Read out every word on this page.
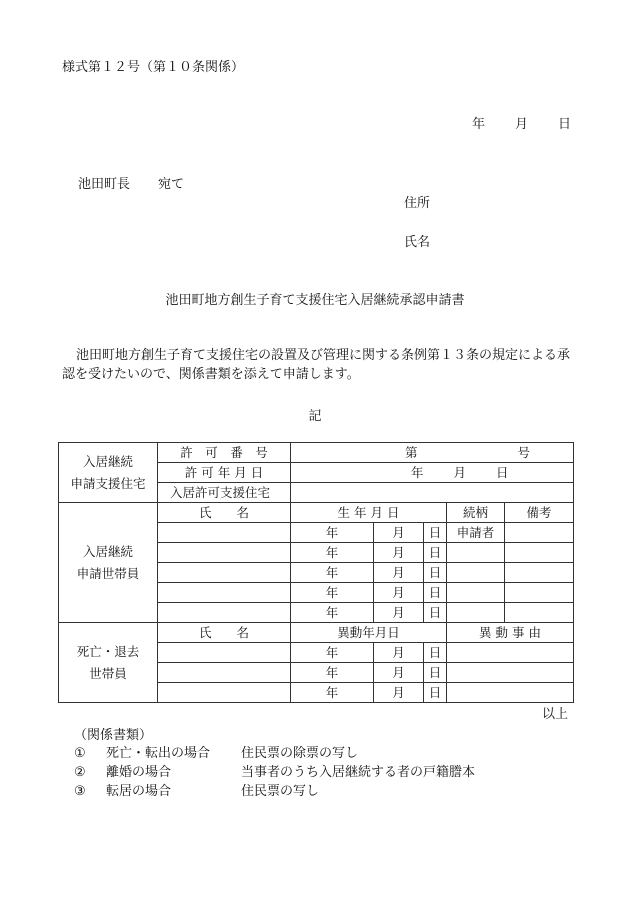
様式第１２号（第１０条関係）
年 月 日
池田町長 宛て
住所
氏名
池田町地方創生子育て支援住宅入居継続承認申請書
池田町地方創生子育て支援住宅の設置及び管理に関する条例第１３条の規定による承認を受けたいので、関係書類を添えて申請します。
記
入居継続
申請支援住宅	許　可　番　号	第 号				
	許 可 年 月 日	年 月 日				
	入居許可支援住宅					

入居継続
申請世帯員	氏　　名	生 年 月 日			続柄	備考
		年	月	日	申請者	
		年	月	日		
		年	月	日		
		年	月	日		
		年	月	日		

死亡・退去
世帯員	氏　　名	異動年月日			異 動 事 由	
		年	月	日		
		年	月	日		
		年	月	日		
以上
（関係書類）
① 死亡・転出の場合 住民票の除票の写し
② 離婚の場合	当事者のうち入居継続する者の戸籍謄本
③ 転居の場合	住民票の写し
